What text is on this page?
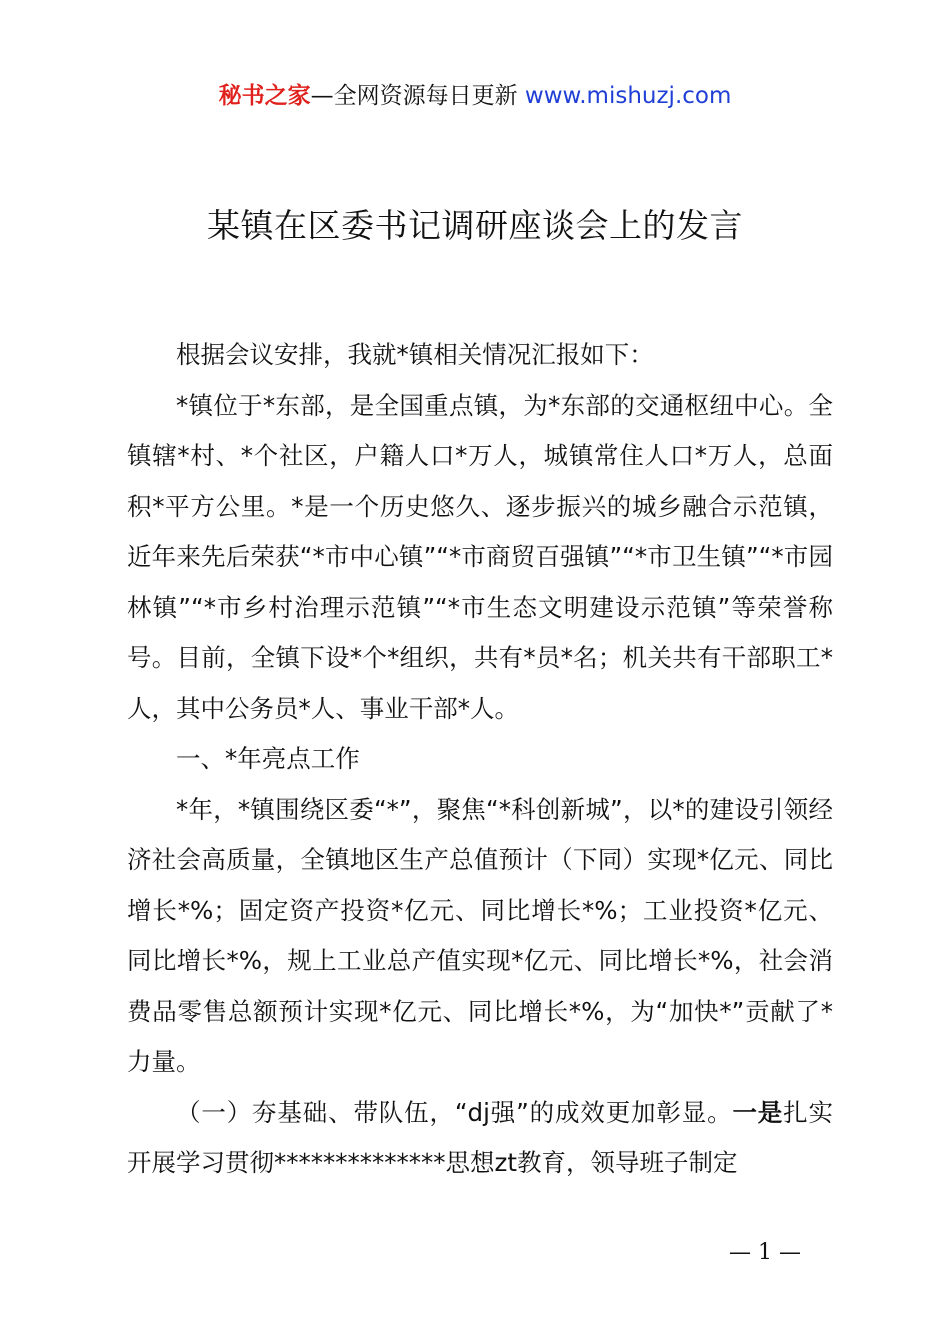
秘书之家—全网资源每日更新 www.mishuzj.com
某镇在区委书记调研座谈会上的发言

根据会议安排，我就*镇相关情况汇报如下：

*镇位于*东部，是全国重点镇，为*东部的交通枢纽中心。全镇辖*村、*个社区，户籍人口*万人，城镇常住人口*万人，总面积*平方公里。*是一个历史悠久、逐步振兴的城乡融合示范镇，近年来先后荣获“*市中心镇”“*市商贸百强镇”“*市卫生镇”“*市园林镇”“*市乡村治理示范镇”“*市生态文明建设示范镇”等荣誉称号。目前，全镇下设*个*组织，共有*员*名；机关共有干部职工*人，其中公务员*人、事业干部*人。

一、*年亮点工作

*年，*镇围绕区委“*”，聚焦“*科创新城”，以*的建设引领经济社会高质量，全镇地区生产总值预计（下同）实现*亿元、同比增长*%；固定资产投资*亿元、同比增长*%；工业投资*亿元、同比增长*%，规上工业总产值实现*亿元、同比增长*%，社会消费品零售总额预计实现*亿元、同比增长*%，为“加快*”贡献了*力量。

（一）夯基础、带队伍，“dj强”的成效更加彰显。一是扎实开展学习贯彻**************思想zt教育，领导班子制定

— 1 —
